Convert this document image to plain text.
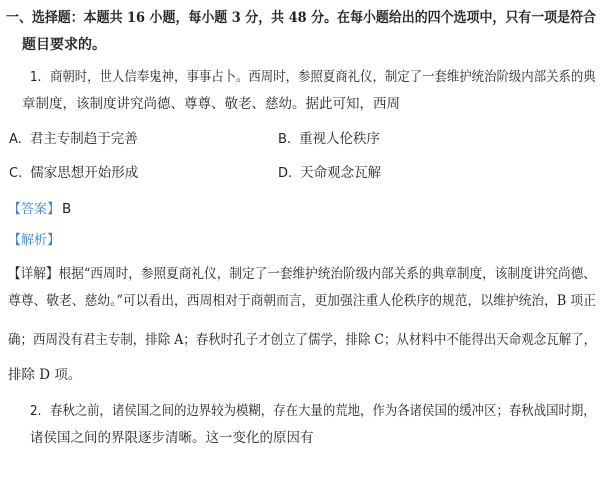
一、选择题：本题共 16 小题，每小题 3 分，共 48 分。在每小题给出的四个选项中，只有一项是符合
题目要求的。
1. 商朝时，世人信奉鬼神，事事占卜。西周时，参照夏商礼仪，制定了一套维护统治阶级内部关系的典
章制度，该制度讲究尚德、尊尊、敬老、慈幼。据此可知，西周
A. 君主专制趋于完善	B. 重视人伦秩序
C. 儒家思想开始形成	D. 天命观念瓦解
【答案】 B
【解析】
【详解】根据“西周时，参照夏商礼仪，制定了一套维护统治阶级内部关系的典章制度，该制度讲究尚德、
尊尊、敬老、慈幼。”可以看出，西周相对于商朝而言，更加强注重人伦秩序的规范，以维护统治，B 项正
确；西周没有君主专制，排除 A；春秋时孔子才创立了儒学，排除 C；从材料中不能得出天命观念瓦解了，
排除 D 项。
2. 春秋之前，诸侯国之间的边界较为模糊，存在大量的荒地，作为各诸侯国的缓冲区；春秋战国时期，
诸侯国之间的界限逐步清晰。这一变化的原因有
